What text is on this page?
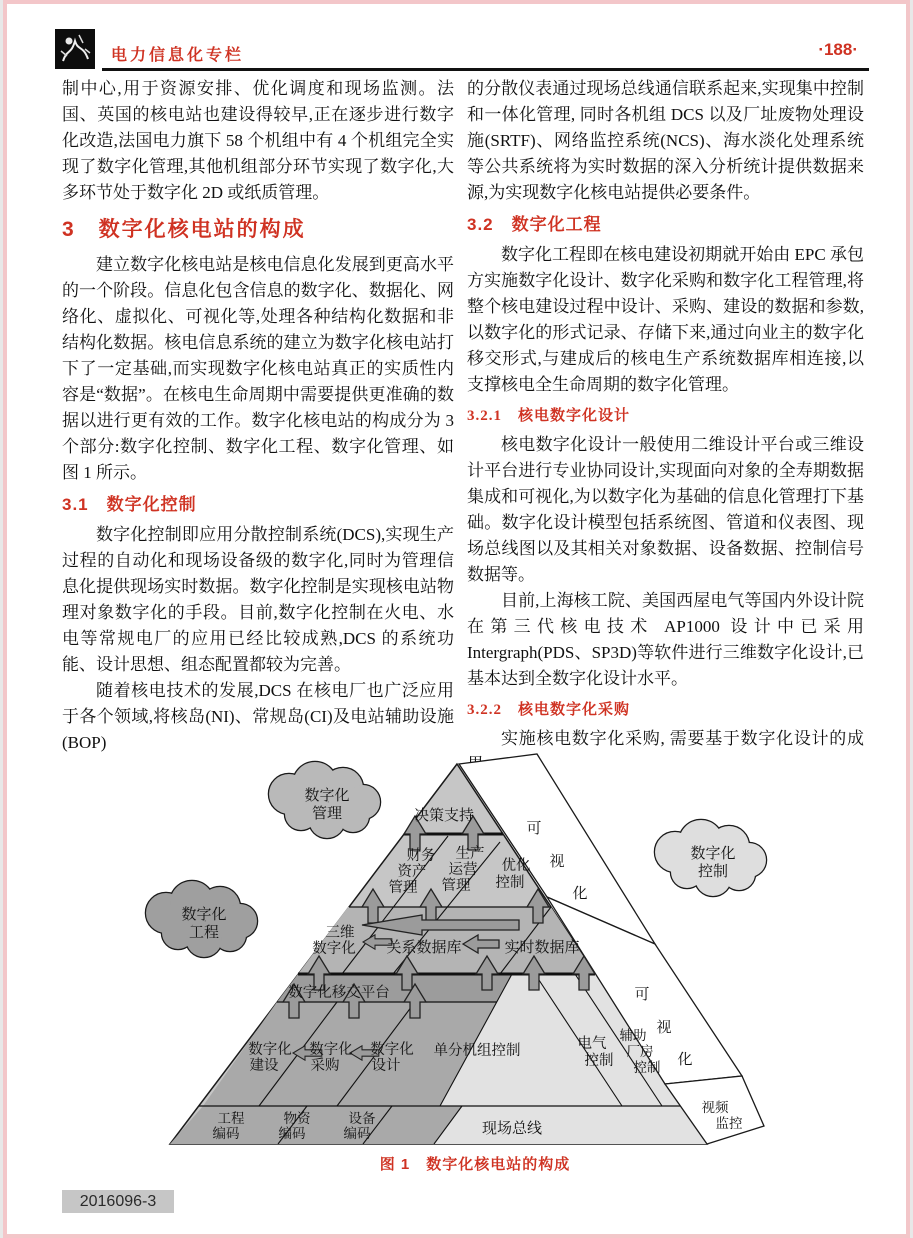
电力信息化专栏	·188·

制中心,用于资源安排、优化调度和现场监测。法国、英国的核电站也建设得较早,正在逐步进行数字化改造,法国电力旗下 58 个机组中有 4 个机组完全实现了数字化管理,其他机组部分环节实现了数字化,大多环节处于数字化 2D 或纸质管理。

3　数字化核电站的构成

建立数字化核电站是核电信息化发展到更高水平的一个阶段。信息化包含信息的数字化、数据化、网络化、虚拟化、可视化等,处理各种结构化数据和非结构化数据。核电信息系统的建立为数字化核电站打下了一定基础,而实现数字化核电站真正的实质性内容是“数据”。在核电生命周期中需要提供更准确的数据以进行更有效的工作。数字化核电站的构成分为 3 个部分:数字化控制、数字化工程、数字化管理、如图 1 所示。

3.1　数字化控制

数字化控制即应用分散控制系统(DCS),实现生产过程的自动化和现场设备级的数字化,同时为管理信息化提供现场实时数据。数字化控制是实现核电站物理对象数字化的手段。目前,数字化控制在火电、水电等常规电厂的应用已经比较成熟,DCS 的系统功能、设计思想、组态配置都较为完善。

随着核电技术的发展,DCS 在核电厂也广泛应用于各个领域,将核岛(NI)、常规岛(CI)及电站辅助设施(BOP)

的分散仪表通过现场总线通信联系起来,实现集中控制和一体化管理, 同时各机组 DCS 以及厂址废物处理设施(SRTF)、网络监控系统(NCS)、海水淡化处理系统等公共系统将为实时数据的深入分析统计提供数据来源,为实现数字化核电站提供必要条件。

3.2　数字化工程

数字化工程即在核电建设初期就开始由 EPC 承包方实施数字化设计、数字化采购和数字化工程管理,将整个核电建设过程中设计、采购、建设的数据和参数,以数字化的形式记录、存储下来,通过向业主的数字化移交形式,与建成后的核电生产系统数据库相连接,以支撑核电全生命周期的数字化管理。

3.2.1　核电数字化设计

核电数字化设计一般使用二维设计平台或三维设计平台进行专业协同设计,实现面向对象的全寿期数据集成和可视化,为以数字化为基础的信息化管理打下基础。数字化设计模型包括系统图、管道和仪表图、现场总线图以及其相关对象数据、设备数据、控制信号数据等。

目前,上海核工院、美国西屋电气等国内外设计院在第三代核电技术 AP1000 设计中已采用 Intergraph(PDS、SP3D)等软件进行三维数字化设计,已基本达到全数字化设计水平。

3.2.2　核电数字化采购

实施核电数字化采购, 需要基于数字化设计的成

决策支持
财务
资产
管理
生产
运营
管理
优化
控制
三维
数字化 关系数据库	实时数据库
数字化移交平台
数字化
建设
数字化
采购
数字化
设计
单分机组控制	电气
控制
辅助
厂房
控制
工程
编码
物资
编码
设备
编码	现场总线
可
视
化
可
视
化
视频
监控
数字化
管理
数字化
工程
数字化
控制
图 1　数字化核电站的构成
2016096-3
